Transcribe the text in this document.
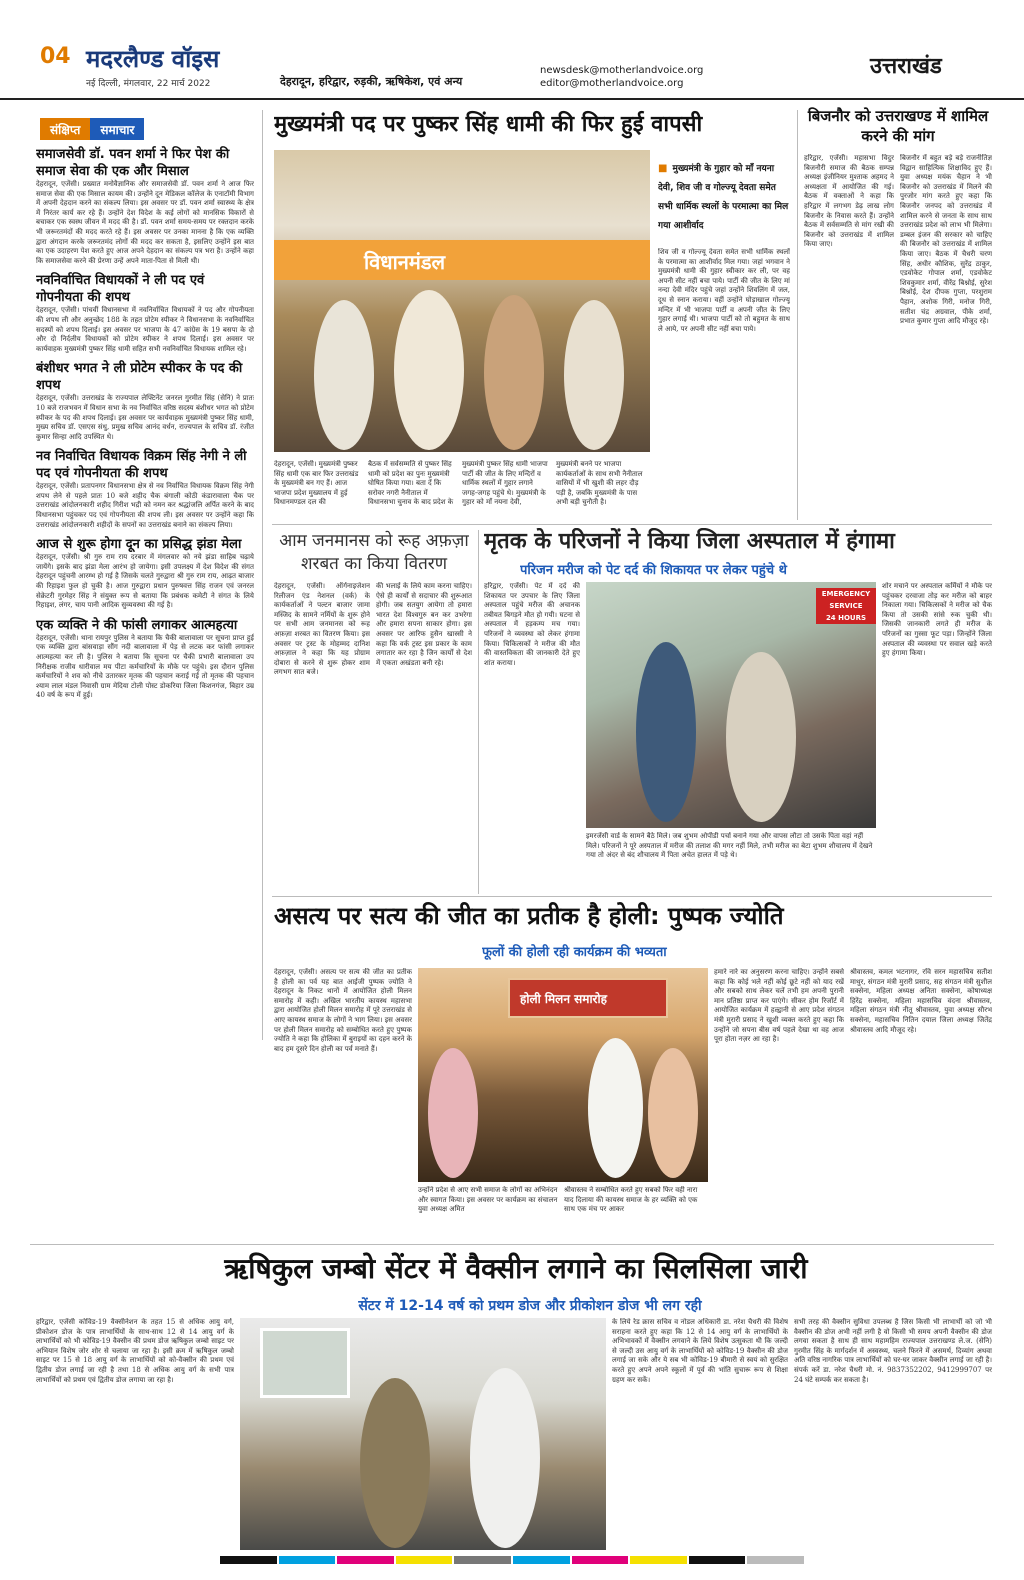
04 मदरलैण्ड वॉइस
नई दिल्ली, मंगलवार, 22 मार्च 2022	देहरादून, हरिद्वार, रुड़की, ऋषिकेश, एवं अन्य
newsdesk@motherlandvoice.org
editor@motherlandvoice.org
उत्तराखंड
संक्षिप्त	समाचार
समाजसेवी डॉ. पवन शर्मा ने फिर पेश की समाज सेवा की एक और मिसाल
देहरादून, एजेंसी। प्रख्यात मनोवैज्ञानिक और समाजसेवी डॉ. पवन शर्मा ने आज फिर समाज सेवा की एक मिसाल कायम की। उन्होंने दून मेडिकल कॉलेज के एनाटॉमी विभाग में अपनी देहदान करने का संकल्प लिया। इस अवसर पर डॉ. पवन शर्मा स्वास्थ्य के क्षेत्र में निरंतर कार्य कर रहे हैं। उन्होंने देश विदेश के कई लोगों को मानसिक विकारों से बचाकर एक स्वस्थ जीवन में मदद की है। डॉ. पवन शर्मा समय-समय पर रक्तदान करके भी जरूरतमंदों की मदद करते रहे हैं। इस अवसर पर उनका मानना है कि एक व्यक्ति द्वारा अंगदान करके जरूरतमंद लोगों की मदद कर सकता है, इसलिए उन्होंने इस बात का एक उदाहरण पेश करते हुए आज अपने देहदान का संकल्प पत्र भरा है। उन्होंने कहा कि समाजसेवा करने की प्रेरणा उन्हें अपने माता-पिता से मिली थी।
नवनिर्वाचित विधायकों ने ली पद एवं गोपनीयता की शपथ
देहरादून, एजेंसी। पांचवीं विधानसभा में नवनिर्वाचित विधायकों ने पद और गोपनीयता की शपथ ली और अनुच्छेद 188 के तहत प्रोटेम स्पीकर ने विधानसभा के नवनिर्वाचित सदस्यों को शपथ दिलाई। इस अवसर पर भाजपा के 47 कांग्रेस के 19 बसपा के दो और दो निर्दलीय विधायकों को प्रोटेम स्पीकर ने शपथ दिलाई। इस अवसर पर कार्यवाहक मुख्यमंत्री पुष्कर सिंह धामी सहित सभी नवनिर्वाचित विधायक शामिल रहे।
बंशीधर भगत ने ली प्रोटेम स्पीकर के पद की शपथ
देहरादून, एजेंसी। उत्तराखंड के राज्यपाल लेफ्टिनेंट जनरल गुरमीत सिंह (सेनि) ने प्रातः 10 बजे राजभवन में विधान सभा के नव निर्वाचित वरिष्ठ सदस्य बंशीधर भगत को प्रोटेम स्पीकर के पद की शपथ दिलाई। इस अवसर पर कार्यवाहक मुख्यमंत्री पुष्कर सिंह धामी, मुख्य सचिव डॉ. एसएस संधु, प्रमुख सचिव आनंद वर्धन, राज्यपाल के सचिव डॉ. रंजीत कुमार सिन्हा आदि उपस्थित थे।
नव निर्वाचित विधायक विक्रम सिंह नेगी ने ली पद एवं गोपनीयता की शपथ
देहरादून, एजेंसी। प्रतापनगर विधानसभा क्षेत्र से नव निर्वाचित विधायक विक्रम सिंह नेगी शपथ लेने से पहले प्रातः 10 बजे शहीद चैक बंगाली कोठी कंडारावाला चैक पर उत्तराखंड आंदोलनकारी शहीद गिरीश भद्री को नमन कर श्रद्धांजलि अर्पित करने के बाद विधानसभा पहुंचकर पद एवं गोपनीयता की शपथ ली। इस अवसर पर उन्होंने कहा कि उत्तराखंड आंदोलनकारी शहीदों के सपनों का उत्तराखंड बनाने का संकल्प लिया।
आज से शुरू होगा दून का प्रसिद्ध झंडा मेला
देहरादून, एजेंसी। श्री गुरु राम राय दरबार में मंगलवार को नये झंडा साहिब चढ़ाये जायेंगे। इसके बाद झंडा मेला आरंभ हो जायेगा। इसी उपलक्ष्य में देश विदेश की संगत देहरादून पहुंचनी आरम्भ हो गई है जिसके चलते गुरुद्वारा श्री गुरु राम राय, आढ़त बाजार की रिहाइश फुल हो चुकी है। आज गुरुद्वारा प्रधान पुरुषवत्त सिंह राजन एवं जनरल सेक्रेटरी गुरमेहर सिंह ने संयुक्त रूप से बताया कि प्रबंधक कमेटी ने संगत के लिये रिहाइश, लंगर, चाय पानी आदिक सुव्यवस्था की गई है।
एक व्यक्ति ने की फांसी लगाकर आत्महत्या
देहरादून, एजेंसी। थाना रायपुर पुलिस ने बताया कि चैकी बालावाला पर सूचना प्राप्त हुई एक व्यक्ति द्वारा बांसवाड़ा सौंग नदी बालावाला में पेड़ से लटक कर फांसी लगाकर आत्महत्या कर ली है। पुलिस ने बताया कि सूचना पर चैकी प्रभारी बालावाला उप निरीक्षक राजीव धारीवाल मय पीटा कर्मचारियों के मौके पर पहुंचे। इस दौरान पुलिस कर्मचारियों ने शव को नीचे उतारकर मृतक की पहचान कराई गई तो मृतक की पहचान श्याम लाल मंडल निवासी ग्राम मेदिया टोली पोस्ट डोकरिया जिला किशनगंज, बिहार उम्र 40 वर्ष के रूप में हुई।
मुख्यमंत्री पद पर पुष्कर सिंह धामी की फिर हुई वापसी
विधानमंडल
■ मुख्यमंत्री के गुहार को माँ नयना देवी, शिव जी व गोल्ज्यू देवता समेत सभी धार्मिक स्थलों के परमात्मा का मिल गया आशीर्वाद
शिव जी व गोल्ज्यू देवता समेत सभी धार्मिक स्थलों के परमात्मा का आशीर्वाद मिल गया। जहां भगवान ने मुख्यमंत्री धामी की गुहार स्वीकार कर ली, पर वह अपनी सीट नहीं बचा पाये। पार्टी की जीत के लिए मां नन्दा देवी मंदिर पहुंचे जहां उन्होंने शिवलिंग में जल, दूध से स्नान कराया। वहीं उन्होंने घोड़ाखाल गोल्ज्यू मन्दिर में भी भाजपा पार्टी व अपनी जीत के लिए गुहार लगाई थी। भाजपा पार्टी को तो बहुमत के साथ ले आये, पर अपनी सीट नहीं बचा पाये।
देहरादून, एजेंसी। मुख्यमंत्री पुष्कर सिंह धामी एक बार फिर उत्तराखंड के मुख्यमंत्री बन गए हैं। आज भाजपा प्रदेश मुख्यालय में हुई विधानमण्डल दल की
बैठक में सर्वसम्मति से पुष्कर सिंह धामी को प्रदेश का पुनः मुख्यमंत्री घोषित किया गया। बता दें कि सरोवर नगरी नैनीताल में विधानसभा चुनाव के बाद प्रदेश के
मुख्यमंत्री पुष्कर सिंह धामी भाजपा पार्टी की जीत के लिए मन्दिरों व धार्मिक स्थलों में गुहार लगाने जगह-जगह पहुंचे थे। मुख्यमंत्री के गुहार को माँ नयना देवी,
मुख्यमंत्री बनने पर भाजपा कार्यकर्ताओं के साथ सभी नैनीताल वासियों में भी खुशी की लहर दौड़ पड़ी है, जबकि मुख्यमंत्री के पास अभी बड़ी चुनौती है।
बिजनौर को उत्तराखण्ड में शामिल करने की मांग
हरिद्वार, एजेंसी। महासभा विदुर बिजनौरी समाज की बैठक सम्पन्न अध्यक्ष इंजीनियर मुश्ताक अहमद ने अध्यक्षता में आयोजित की गई। बैठक में वक्ताओं ने कहा कि हरिद्वार में लगभग डेढ़ लाख लोग बिजनौर के निवास करते हैं। उन्होंने बैठक में सर्वसम्मति से मांग रखी की बिजनौर को उत्तराखंड में शामिल किया जाए।
बिजनौर में बहुत बड़े बड़े राजनीतिज्ञ विद्वान साहित्यिक शिक्षाविद हुए हैं। युवा अध्यक्ष मयंक चैहान ने भी बिजनौर को उत्तराखंड में मिलने की पुरजोर मांग करते हुए कहा कि बिजनौर जनपद को उत्तराखंड में शामिल करने से जनता के साथ साथ उत्तराखंड प्रदेश को लाभ भी मिलेगा। डम्बल इंजन की सरकार को चाहिए की बिजनौर को उत्तराखंड में शामिल किया जाए। बैठक में चैधरी चरण सिंह, अधीर कौशिक, सुरेंद्र ठाकुर, एडवोकेट गोपाल शर्मा, एडवोकेट शिवकुमार शर्मा, वीरेंद्र बिश्नोई, सुरेश बिश्नोई, देश दीपक गुप्ता, परशुराम पैहान, अशोक गिरी, मनोज गिरी, सतीश चंद्र अग्रवाल, पीके शर्मा, प्रभात कुमार गुप्ता आदि मौजूद रहे।
आम जनमानस को रूह अफ़ज़ा
शरबत का किया वितरण
देहरादून, एजेंसी। ऑर्गनाइजेशन रिलीजन एंड नेशनल (वर्क) के कार्यकर्ताओं ने पल्टन बाजार जामा मस्जिद के सामने नर्मियों के शुरू होने पर सभी आम जनमानस को रूह अफ़ज़ा शरबत का वितरण किया। इस अवसर पर ट्रस्ट के मोहम्मद दानिश अफ़ज़ाल ने कहा कि यह प्रोग्राम दोबारा से करने से शुरू होकर शाम लगभग सात बजे।
की भलाई के लिये काम करना चाहिए। ऐसे ही कार्यों से सदाचार की शुरूआत होगी। जब सतयुग आयेगा तो हमारा भारत देश विश्वगुरु बन कर उभरेगा और हमारा सपना साकार होगा। इस अवसर पर आरिफ हुसैन खास्सी ने कहा कि वर्क ट्रस्ट इस प्रकार के काम लगातार कर रहा है जिन कार्यों से देश में एकता अखंडता बनी रहे।
मृतक के परिजनों ने किया जिला अस्पताल में हंगामा
परिजन मरीज को पेट दर्द की शिकायत पर लेकर पहुंचे थे
हरिद्वार, एजेंसी। पेट में दर्द की शिकायत पर उपचार के लिए जिला अस्पताल पहुंचे मरीज की अचानक तबीयत बिगड़ने मौत हो गयी। घटना से अस्पताल में हड़कम्प मच गया। परिजनों ने व्यवस्था को लेकर हंगामा किया। चिकित्सकों ने मरीज की मौत की वास्तविकता की जानकारी देते हुए शांत कराया।
EMERGENCY
SERVICE
24 HOURS
इमरजेंसी वार्ड के सामने बैठे मिले। जब शुभम ओपीडी पर्चा बनाने गया और वापस लौटा तो उसके पिता वहां नहीं मिले। परिजनों ने पूरे अस्पताल में मरीज की तलाश की मगर नहीं मिले, तभी मरीज का बेटा शुभम शौचालय में देखने गया तो अंदर से बंद शौचालय में पिता अचेत हालत में पड़े थे।
शोर मचाने पर अस्पताल कर्मियों ने मौके पर पहुंचकर दरवाजा तोड़ कर मरीज को बाहर निकाला गया। चिकित्सकों ने मरीज को चैक किया तो उसकी सांसे रुक चुकी थी। जिसकी जानकारी लगते ही मरीज के परिजनों का गुस्सा फूट पड़ा। जिन्होंने जिला अस्पताल की व्यवस्था पर सवाल खड़े करते हुए हंगामा किया।
असत्य पर सत्य की जीत का प्रतीक है होली: पुष्पक ज्योति
फूलों की होली रही कार्यक्रम की भव्यता
देहरादून, एजेंसी। असत्य पर सत्य की जीत का प्रतीक है होली का पर्व यह बात आईजी पुष्पक ज्योति ने देहरादून के निकट थानों में आयोजित होली मिलन समारोह में कही। अखिल भारतीय कायस्थ महासभा द्वारा आयोजित होली मिलन समारोह में पूरे उत्तराखंड से आए कायस्थ समाज के लोगों ने भाग लिया। इस अवसर पर होली मिलन समारोह को सम्बोधित करते हुए पुष्पक ज्योति ने कहा कि होलिका में बुराइयों का दहन करने के बाद हम दूसरे दिन होली का पर्व मनाते हैं।
होली मिलन समारोह
उन्होंने प्रदेश से आए सभी समाज के लोगों का अभिनंदन और स्वागत किया। इस अवसर पर कार्यक्रम का संचालन युवा अध्यक्ष अमित
श्रीवास्तव ने सम्बोधित करते हुए सबको फिर वही नारा याद दिलाया की कायस्थ समाज के हर व्यक्ति को एक साथ एक मंच पर आकर
हमारे नारे का अनुसरण करना चाहिए। उन्होंने सबसे कहा कि कोई भले नहीं कोई छूटे नहीं को याद रखें और सबको साथ लेकर चलें तभी हम अपनी पुरानी मान प्रतिष्ठा प्राप्त कर पाएंगे। सीकर होम रिजॉर्ट में आयोजित कार्यक्रम में हल्द्वानी से आए प्रदेश संगठन मंत्री मुरारी प्रसाद ने खुशी व्यक्त करते हुए कहा कि उन्होंने जो सपना बीस वर्ष पहले देखा था वह आज पूरा होता नज़र आ रहा है।
श्रीवास्तव, कमल भटनागर, रवि सरन महासचिव सतीश माथुर, संगठन मंत्री मुरारी प्रसाद, सह संगठन मंत्री सुशील सक्सेना, महिला अध्यक्ष अनिता सक्सेना, कोषाध्यक्ष हिरेंद्र सक्सेना, महिला महासचिव वंदना श्रीवास्तव, महिला संगठन मंत्री नीतू श्रीवास्तव, युवा अध्यक्ष सौरभ सक्सेना, महासचिव नितिन दयाल जिला अध्यक्ष जितेंद्र श्रीवास्तव आदि मौजूद रहे।
ऋषिकुल जम्बो सेंटर में वैक्सीन लगाने का सिलसिला जारी
सेंटर में 12-14 वर्ष को प्रथम डोज और प्रीकोशन डोज भी लग रही
हरिद्वार, एजेंसी कोविड-19 वैक्सीनेशन के तहत 15 से अधिक आयु वर्ग, प्रीकोशन डोज के पात्र लाभार्थियों के साथ-साथ 12 से 14 आयु वर्ग के लाभार्थियों को भी कोविड-19 वैक्सीन की प्रथम डोज ऋषिकुल जम्बो साइट पर अभियान विशेष जोर शोर से चलाया जा रहा है। इसी क्रम में ऋषिकुल जम्बो साइट पर 15 से 18 आयु वर्ग के लाभार्थियों को को-वैक्सीन की प्रथम एवं द्वितीय डोज लगाई जा रही है तथा 18 से अधिक आयु वर्ग के सभी पात्र लाभार्थियों को प्रथम एवं द्वितीय डोज लगाया जा रहा है।
के लिये रेड क्रास सचिव व नोडल अधिकारी डा. नरेश चैधरी की विशेष सराहना करते हुए कहा कि 12 से 14 आयु वर्ग के लाभार्थियों के अभिभावकों में वैक्सीन लगवाने के लिये विशेष उत्सुकता थी कि जल्दी से जल्दी उस आयु वर्ग के लाभार्थियों को कोविड-19 वैक्सीन की डोज लगाई जा सके और ये सब भी कोविड-19 बीमारी से स्वयं को सुरक्षित करते हुए अपने अपने स्कूलों में पूर्व की भांति सुचारू रूप से शिक्षा ग्रहण कर सकें।
सभी तरह की वैक्सीन सुविधा उपलब्ध है जिस किसी भी लाभार्थी को जो भी वैक्सीन की डोज अभी नहीं लगी है वो किसी भी समय अपनी वैक्सीन की डोज लगवा सकता है साथ ही साथ महामहिम राज्यपाल उत्तराखण्ड ले.ज. (सेनि) गुरमीत सिंह के मार्गदर्शन में अस्वस्थ्य, चलने फिरने में असमर्थ, दिव्यांग अथवा अति वरिष्ठ नागरिक पात्र लाभार्थियों को घर-घर जाकर वैक्सीन लगाई जा रही है। संपर्क करें डा. नरेश चैधरी मो. नं. 9837352202, 9412999707 पर 24 घंटे सम्पर्क कर सकता है।
